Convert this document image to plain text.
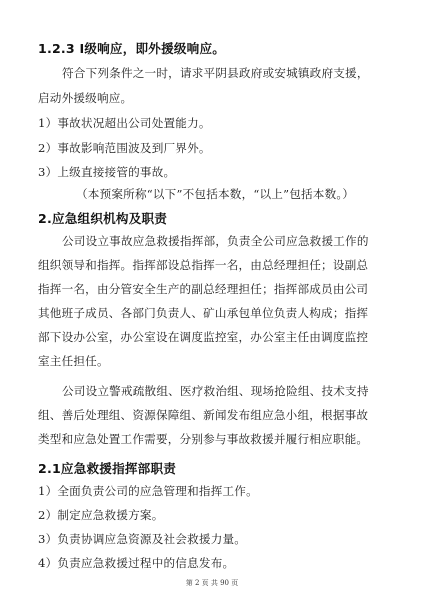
1.2.3 Ⅰ级响应，即外援级响应。
符合下列条件之一时，请求平阴县政府或安城镇政府支援，
启动外援级响应。
1）事故状况超出公司处置能力。
2）事故影响范围波及到厂界外。
3）上级直接接管的事故。
（本预案所称“以下”不包括本数，“以上”包括本数。）
2.应急组织机构及职责
公司设立事故应急救援指挥部，负责全公司应急救援工作的
组织领导和指挥。指挥部设总指挥一名，由总经理担任；设副总
指挥一名，由分管安全生产的副总经理担任；指挥部成员由公司
其他班子成员、各部门负责人、矿山承包单位负责人构成；指挥
部下设办公室，办公室设在调度监控室，办公室主任由调度监控
室主任担任。
公司设立警戒疏散组、医疗救治组、现场抢险组、技术支持
组、善后处理组、资源保障组、新闻发布组应急小组，根据事故
类型和应急处置工作需要，分别参与事故救援并履行相应职能。
2.1应急救援指挥部职责
1）全面负责公司的应急管理和指挥工作。
2）制定应急救援方案。
3）负责协调应急资源及社会救援力量。
4）负责应急救援过程中的信息发布。
第 2 页 共 90 页
